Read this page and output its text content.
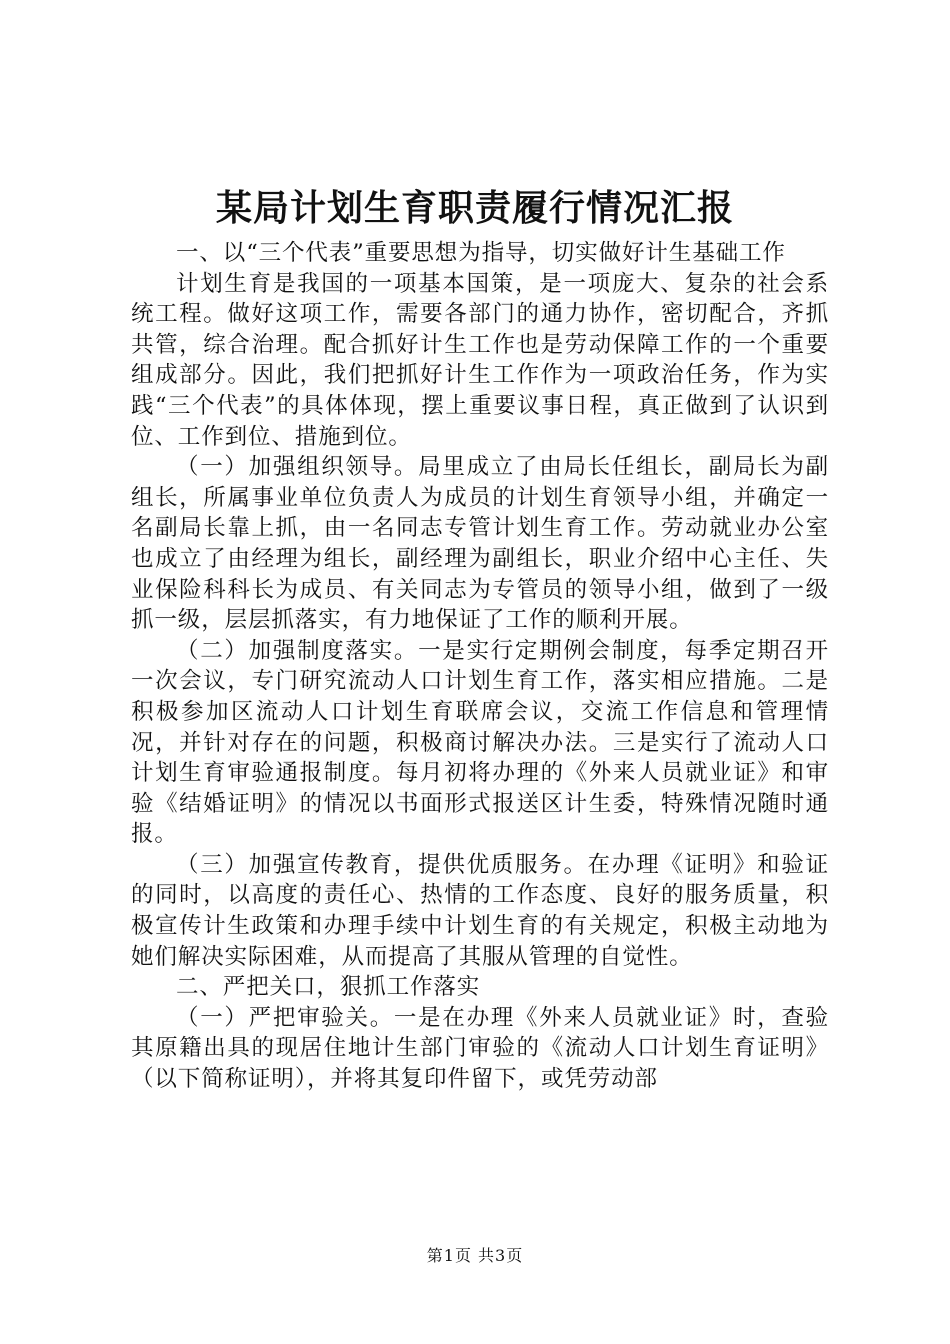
某局计划生育职责履行情况汇报

一、以“三个代表”重要思想为指导，切实做好计生基础工作

计划生育是我国的一项基本国策，是一项庞大、复杂的社会系统工程。做好这项工作，需要各部门的通力协作，密切配合，齐抓共管，综合治理。配合抓好计生工作也是劳动保障工作的一个重要组成部分。因此，我们把抓好计生工作作为一项政治任务，作为实践“三个代表”的具体体现，摆上重要议事日程，真正做到了认识到位、工作到位、措施到位。

（一）加强组织领导。局里成立了由局长任组长，副局长为副组长，所属事业单位负责人为成员的计划生育领导小组，并确定一名副局长靠上抓，由一名同志专管计划生育工作。劳动就业办公室也成立了由经理为组长，副经理为副组长，职业介绍中心主任、失业保险科科长为成员、有关同志为专管员的领导小组，做到了一级抓一级，层层抓落实，有力地保证了工作的顺利开展。

（二）加强制度落实。一是实行定期例会制度，每季定期召开一次会议，专门研究流动人口计划生育工作，落实相应措施。二是积极参加区流动人口计划生育联席会议，交流工作信息和管理情况，并针对存在的问题，积极商讨解决办法。三是实行了流动人口计划生育审验通报制度。每月初将办理的《外来人员就业证》和审验《结婚证明》的情况以书面形式报送区计生委，特殊情况随时通报。

（三）加强宣传教育，提供优质服务。在办理《证明》和验证的同时，以高度的责任心、热情的工作态度、良好的服务质量，积极宣传计生政策和办理手续中计划生育的有关规定，积极主动地为她们解决实际困难，从而提高了其服从管理的自觉性。

二、严把关口，狠抓工作落实

（一）严把审验关。一是在办理《外来人员就业证》时，查验其原籍出具的现居住地计生部门审验的《流动人口计划生育证明》（以下简称证明），并将其复印件留下，或凭劳动部

第1页 共3页
